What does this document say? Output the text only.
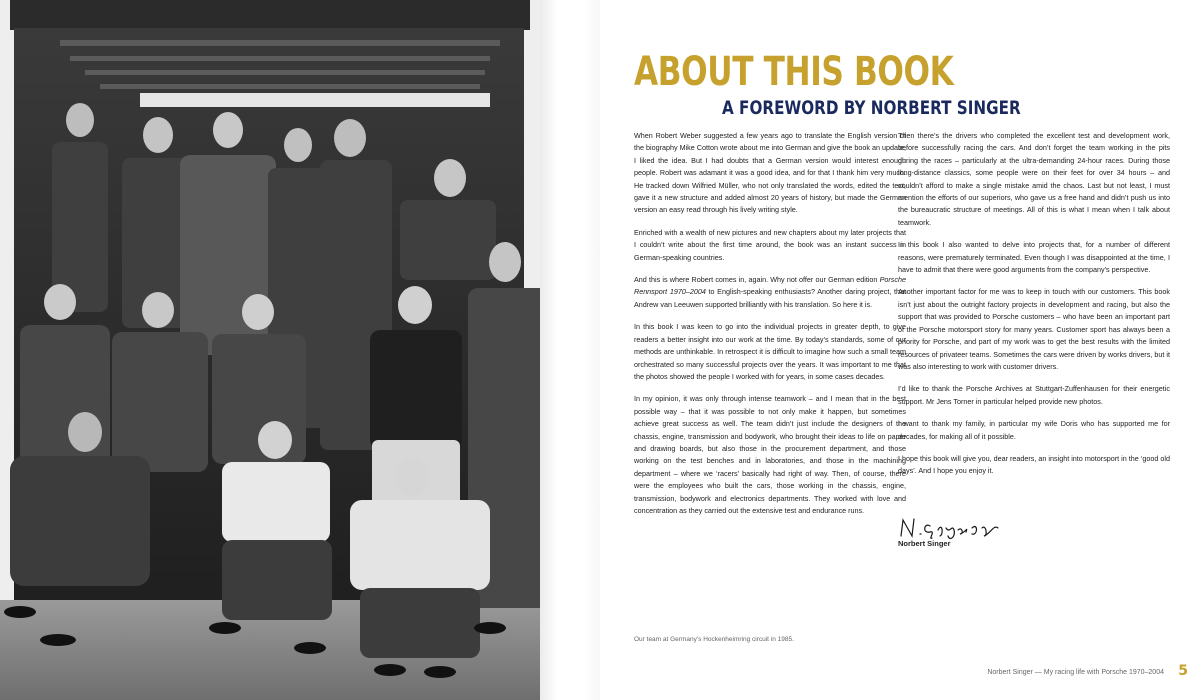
Our team at Germany’s Hockenheimring circuit in 1985.
ABOUT THIS BOOK
A FOREWORD BY NORBERT SINGER

When Robert Weber suggested a few years ago to translate the English version of the biography Mike Cotton wrote about me into German and give the book an update, I liked the idea. But I had doubts that a German version would interest enough people. Robert was adamant it was a good idea, and for that I thank him very much. He tracked down Wilfried Müller, who not only translated the words, edited the text, gave it a new structure and added almost 20 years of history, but made the German version an easy read through his lively writing style.

Enriched with a wealth of new pictures and new chapters about my later projects that I couldn’t write about the first time around, the book was an instant success in German-speaking countries.

And this is where Robert comes in, again. Why not offer our German edition Porsche Rennsport 1970–2004 to English-speaking enthusiasts? Another daring project, that Andrew van Leeuwen supported brilliantly with his translation. So here it is.

In this book I was keen to go into the individual projects in greater depth, to give readers a better insight into our work at the time. By today’s standards, some of our methods are unthinkable. In retrospect it is difficult to imagine how such a small team orchestrated so many successful projects over the years. It was important to me that the photos showed the people I worked with for years, in some cases decades.

In my opinion, it was only through intense teamwork – and I mean that in the best possible way – that it was possible to not only make it happen, but sometimes achieve great success as well. The team didn’t just include the designers of the chassis, engine, transmission and bodywork, who brought their ideas to life on paper and drawing boards, but also those in the procurement department, and those working on the test benches and in laboratories, and those in the machining department – where we ‘racers’ basically had right of way. Then, of course, there were the employees who built the cars, those working in the chassis, engine, transmission, bodywork and electronics departments. They worked with love and concentration as they carried out the extensive test and endurance runs.

Then there’s the drivers who completed the excellent test and development work, before successfully racing the cars. And don’t forget the team working in the pits during the races – particularly at the ultra-demanding 24-hour races. During those long-distance classics, some people were on their feet for over 34 hours – and couldn’t afford to make a single mistake amid the chaos. Last but not least, I must mention the efforts of our superiors, who gave us a free hand and didn’t push us into the bureaucratic structure of meetings. All of this is what I mean when I talk about teamwork.

In this book I also wanted to delve into projects that, for a number of different reasons, were prematurely terminated. Even though I was disappointed at the time, I have to admit that there were good arguments from the company’s perspective.

Another important factor for me was to keep in touch with our customers. This book isn’t just about the outright factory projects in development and racing, but also the support that was provided to Porsche customers – who have been an important part of the Porsche motorsport story for many years. Customer sport has always been a priority for Porsche, and part of my work was to get the best results with the limited resources of privateer teams. Sometimes the cars were driven by works drivers, but it was also interesting to work with customer drivers.

I’d like to thank the Porsche Archives at Stuttgart-Zuffenhausen for their energetic support. Mr Jens Torner in particular helped provide new photos.

I want to thank my family, in particular my wife Doris who has supported me for decades, for making all of it possible.

I hope this book will give you, dear readers, an insight into motorsport in the ‘good old days’. And I hope you enjoy it.

Norbert Singer
Norbert Singer — My racing life with Porsche 1970–2004 5
